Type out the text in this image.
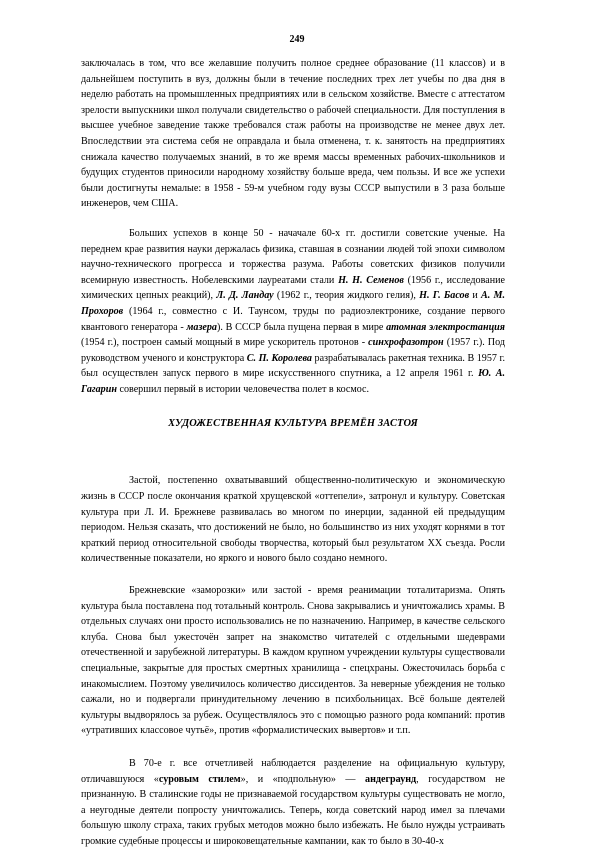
249

заключалась в том, что все желавшие получить полное среднее образование (11 классов) и в дальнейшем поступить в вуз, должны были в течение последних трех лет учебы по два дня в неделю работать на промышленных предприятиях или в сельском хозяйстве. Вместе с аттестатом зрелости выпускники школ получали свидетельство о рабочей специальности. Для поступления в высшее учебное заведение также требовался стаж работы на производстве не менее двух лет. Впоследствии эта система себя не оправдала и была отменена, т. к. занятость на предприятиях снижала качество получаемых знаний, в то же время массы временных рабочих-школьников и будущих студентов приносили народному хозяйству больше вреда, чем пользы. И все же успехи были достигнуты немалые: в 1958 - 59-м учебном году вузы СССР выпустили в 3 раза больше инженеров, чем США.

Больших успехов в конце 50 - начачале 60-х гг. достигли советские ученые. На переднем крае развития науки держалась физика, ставшая в сознании людей той эпохи символом научно-технического прогресса и торжества разума. Работы советских физиков получили всемирную известность. Нобелевскими лауреатами стали Н. Н. Семенов (1956 г., исследование химических цепных реакций), Л. Д. Ландау (1962 г., теория жидкого гелия), Н. Г. Басов и А. М. Прохоров (1964 г., совместно с И. Таунсом, труды по радиоэлектронике, создание первого квантового генератора - мазера). В СССР была пущена первая в мире атомная электростанция (1954 г.), построен самый мощный в мире ускоритель протонов - синхрофазотрон (1957 г.). Под руководством ученого и конструктора С. П. Королева разрабатывалась ракетная техника. В 1957 г. был осуществлен запуск первого в мире искусственного спутника, а 12 апреля 1961 г. Ю. А. Гагарин совершил первый в истории человечества полет в космос.

ХУДОЖЕСТВЕННАЯ КУЛЬТУРА ВРЕМЁН ЗАСТОЯ

Застой, постепенно охватывавший общественно-политическую и экономическую жизнь в СССР после окончания краткой хрущевской «оттепели», затронул и культуру. Советская культура при Л. И. Брежневе развивалась во многом по инерции, заданной ей предыдущим периодом. Нельзя сказать, что достижений не было, но большинство из них уходят корнями в тот краткий период относительной свободы творчества, который был результатом XX съезда. Росли количественные показатели, но яркого и нового было создано немного.

Брежневские «заморозки» или застой - время реанимации тоталитаризма. Опять культура была поставлена под тотальный контроль. Снова закрывались и уничтожались храмы. В отдельных случаях они просто использовались не по назначению. Например, в качестве сельского клуба. Снова был ужесточён запрет на знакомство читателей с отдельными шедеврами отечественной и зарубежной литературы. В каждом крупном учреждении культуры существовали специальные, закрытые для простых смертных хранилища - спецхраны. Ожесточилась борьба с инакомыслием. Поэтому увеличилось количество диссидентов. За неверные убеждения не только сажали, но и подвергали принудительному лечению в психбольницах. Всё больше деятелей культуры выдворялось за рубеж. Осуществлялось это с помощью разного рода компаний: против «утративших классовое чутьё», против «формалистических вывертов» и т.п.

В 70-е г. все отчетливей наблюдается разделение на официальную культуру, отличавшуюся «суровым стилем», и «подпольную» — андеграунд, государством не признанную. В сталинские годы не признаваемой государством культуры существовать не могло, а неугодные деятели попросту уничтожались. Теперь, когда советский народ имел за плечами большую школу страха, таких грубых методов можно было избежать. Не было нужды устраивать громкие судебные процессы и широковещательные кампании, как то было в 30-40-х
